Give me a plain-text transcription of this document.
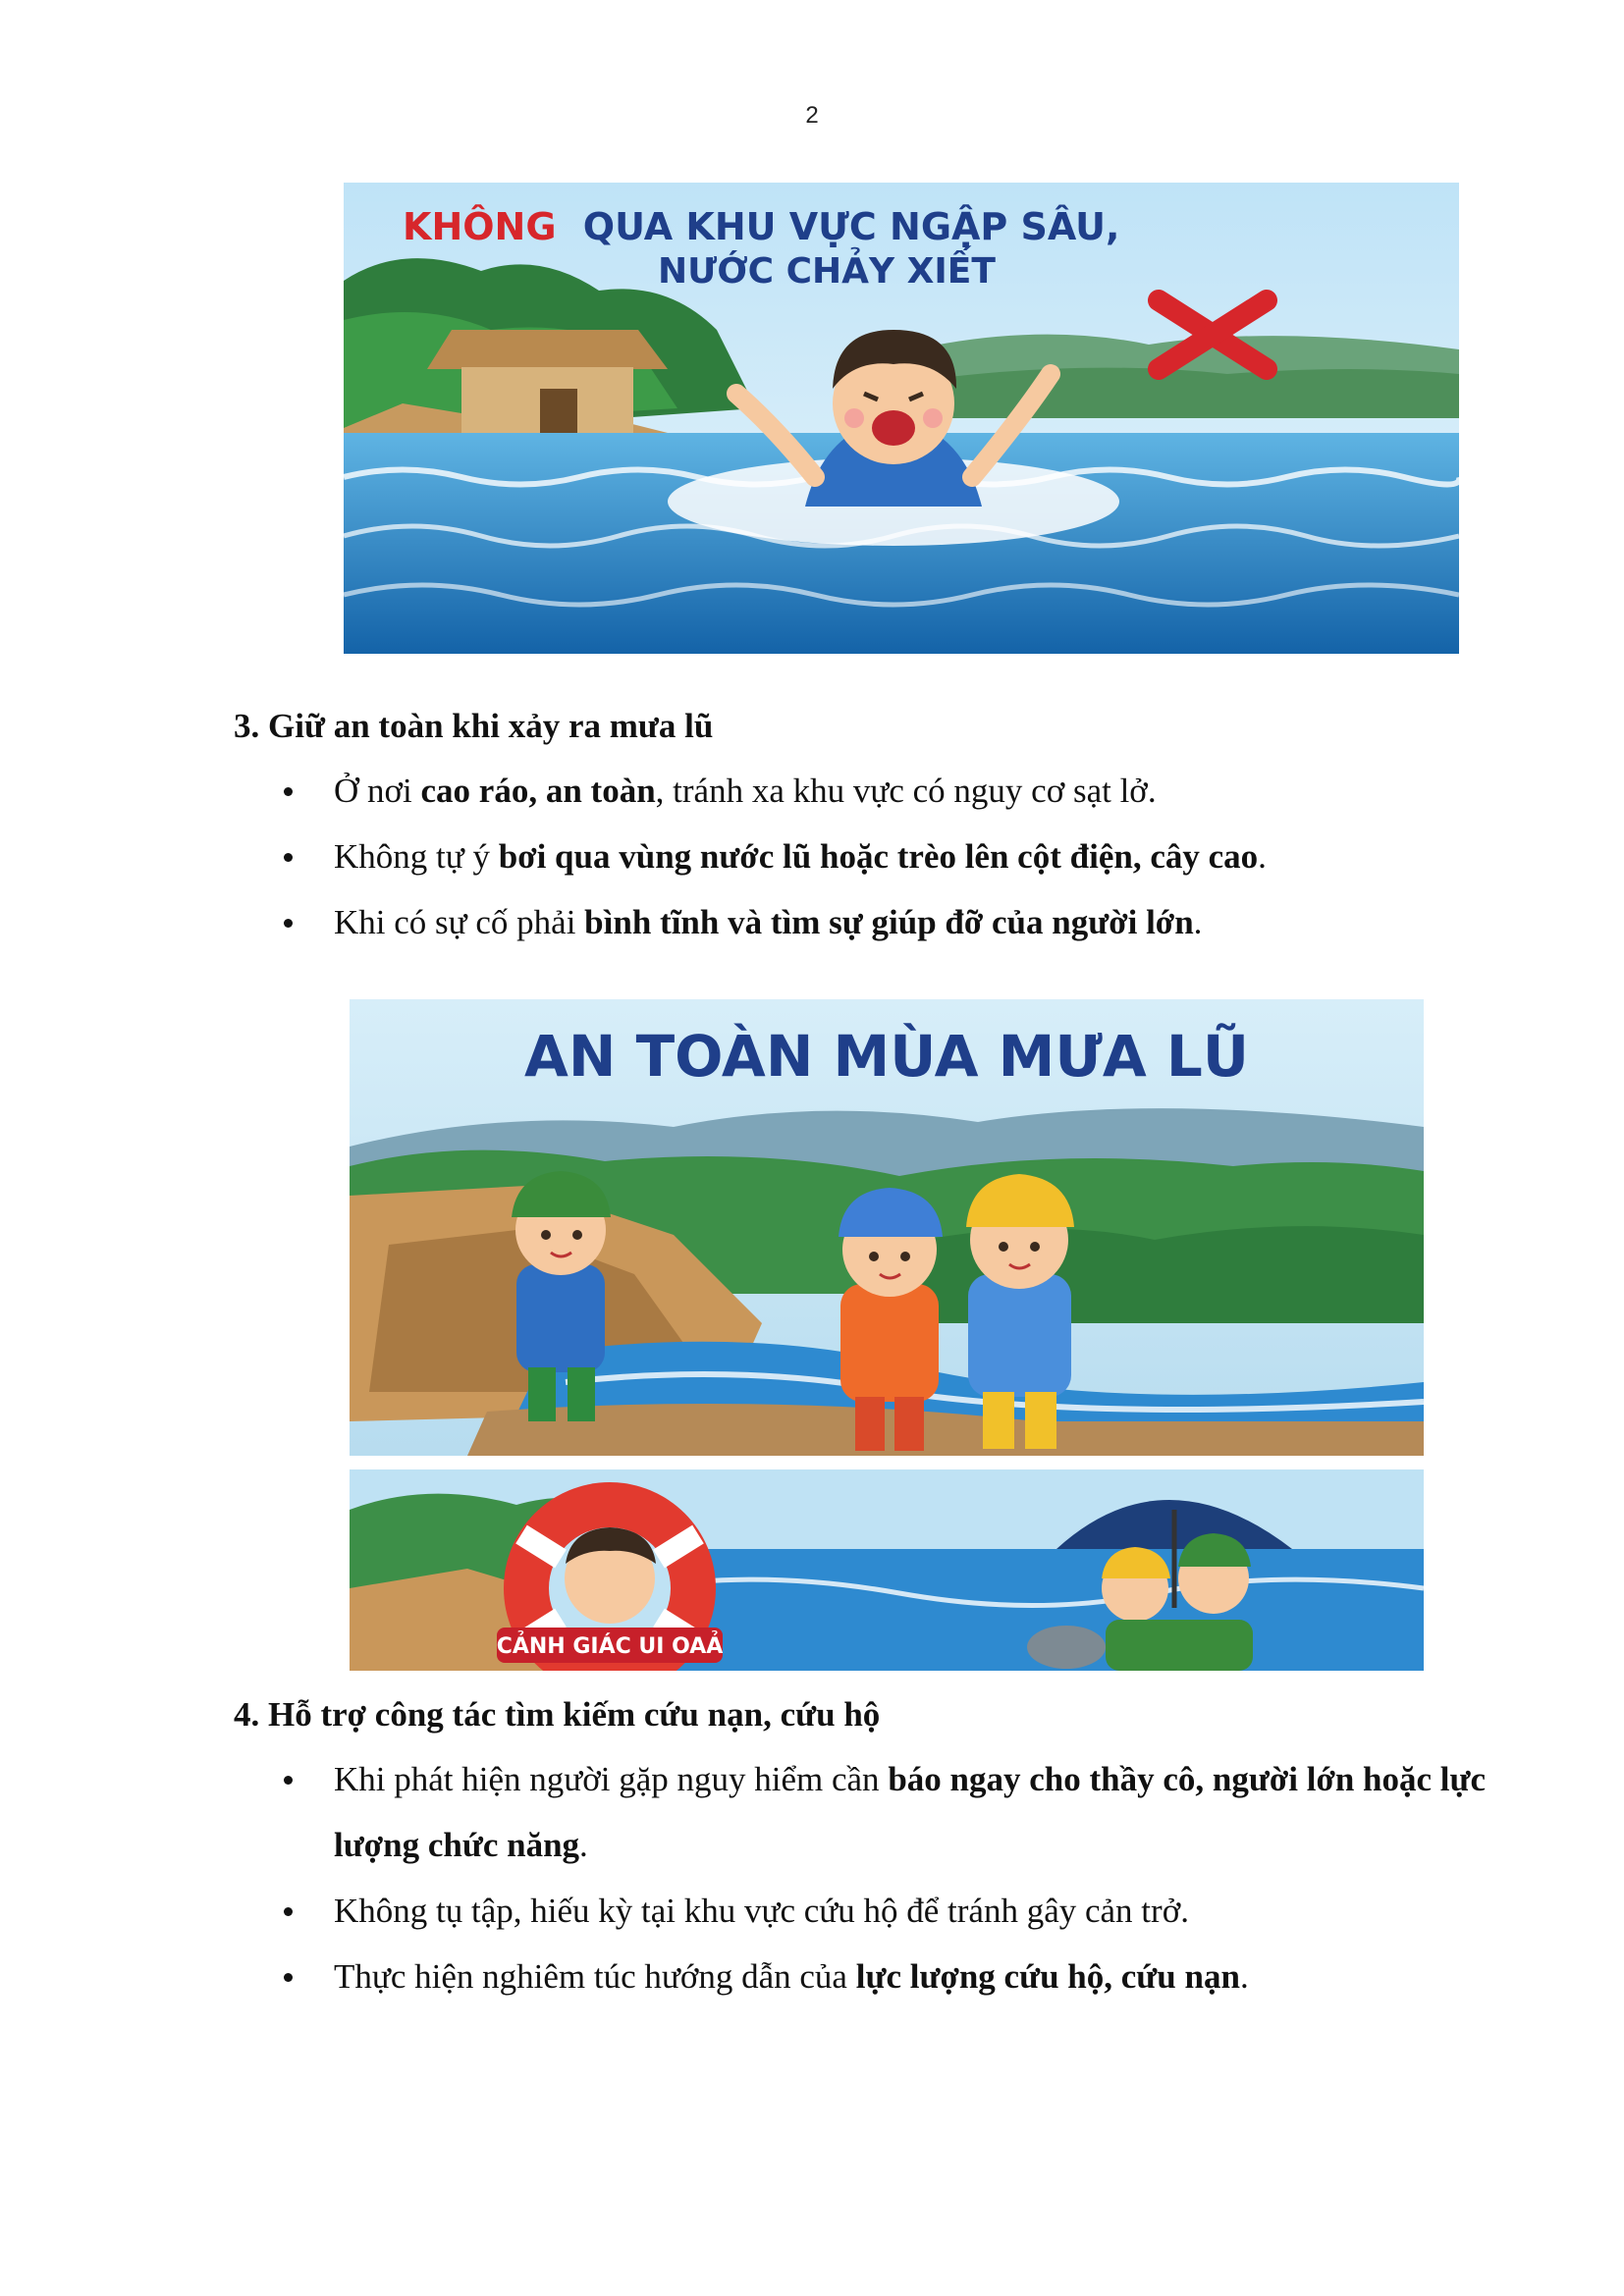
2
KHÔNG QUA KHU VỰC NGẬP SÂU,
NƯỚC CHẢY XIẾT
3. Giữ an toàn khi xảy ra mưa lũ
Ở nơi cao ráo, an toàn, tránh xa khu vực có nguy cơ sạt lở.
Không tự ý bơi qua vùng nước lũ hoặc trèo lên cột điện, cây cao.
Khi có sự cố phải bình tĩnh và tìm sự giúp đỡ của người lớn.
AN TOÀN MÙA MƯA LŨ
CẢNH GIÁC UI OAẢ
4. Hỗ trợ công tác tìm kiếm cứu nạn, cứu hộ
Khi phát hiện người gặp nguy hiểm cần báo ngay cho thầy cô, người lớn hoặc lực lượng chức năng.
Không tụ tập, hiếu kỳ tại khu vực cứu hộ để tránh gây cản trở.
Thực hiện nghiêm túc hướng dẫn của lực lượng cứu hộ, cứu nạn.
